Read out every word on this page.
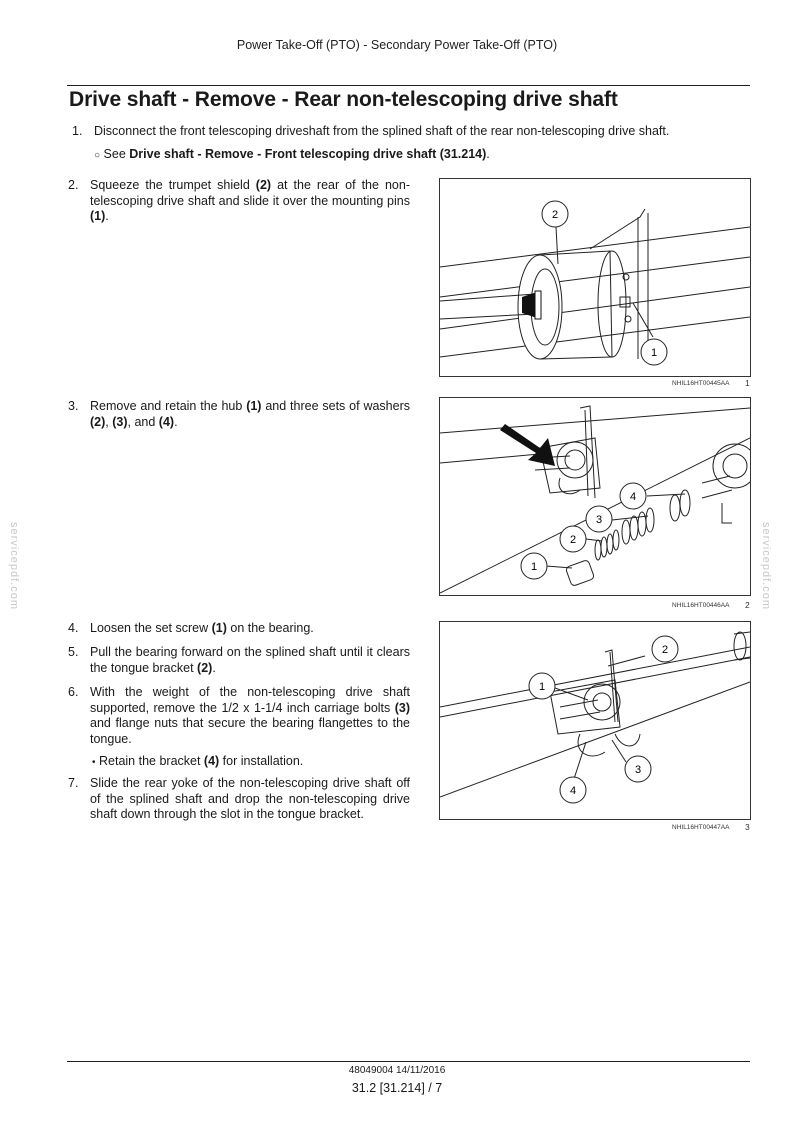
Power Take-Off (PTO) - Secondary Power Take-Off (PTO)
Drive shaft - Remove - Rear non-telescoping drive shaft
1. Disconnect the front telescoping driveshaft from the splined shaft of the rear non-telescoping drive shaft.
○ See Drive shaft - Remove - Front telescoping drive shaft (31.214).
2. Squeeze the trumpet shield (2) at the rear of the non-telescoping drive shaft and slide it over the mounting pins (1).	2
1
NHIL16HT00445AA 1
3. Remove and retain the hub (1) and three sets of washers (2), (3), and (4).
4
3
2
1
NHIL16HT00446AA 2
4. Loosen the set screw (1) on the bearing.
5. Pull the bearing forward on the splined shaft until it clears the tongue bracket (2).
6. With the weight of the non-telescoping drive shaft supported, remove the 1/2 x 1-1/4 inch carriage bolts (3) and flange nuts that secure the bearing flangettes to the tongue.
• Retain the bracket (4) for installation.
7. Slide the rear yoke of the non-telescoping drive shaft off of the splined shaft and drop the non-telescoping drive shaft down through the slot in the tongue bracket.
2
1
3
4
NHIL16HT00447AA 3
servicepdf.com	servicepdf.com
48049004 14/11/2016
31.2 [31.214] / 7
